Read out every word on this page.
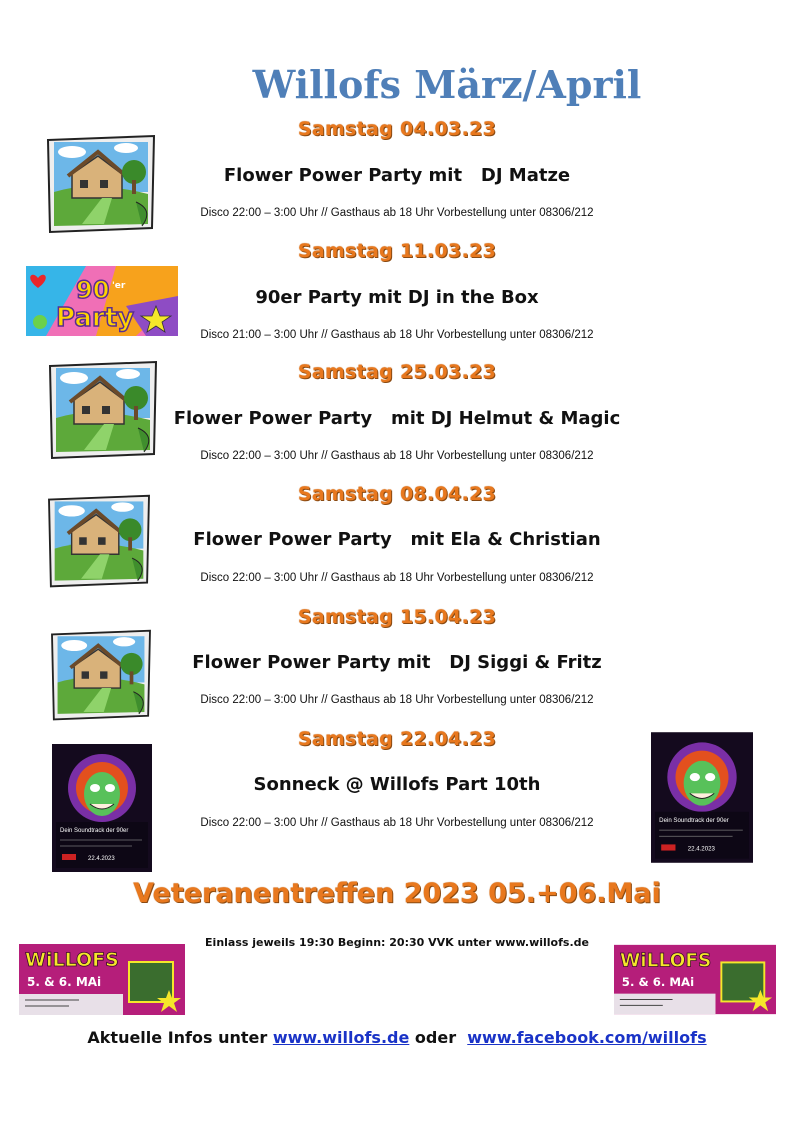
Willofs März/April
Samstag 04.03.23
Flower Power Party mit   DJ Matze
Disco 22:00 – 3:00 Uhr // Gasthaus ab 18 Uhr Vorbestellung unter 08306/212
Samstag 11.03.23
90 'er
Party
90er Party mit DJ in the Box
Disco 21:00 – 3:00 Uhr // Gasthaus ab 18 Uhr Vorbestellung unter 08306/212
Samstag 25.03.23
Flower Power Party   mit DJ Helmut & Magic
Disco 22:00 – 3:00 Uhr // Gasthaus ab 18 Uhr Vorbestellung unter 08306/212
Samstag 08.04.23
Flower Power Party   mit Ela & Christian
Disco 22:00 – 3:00 Uhr // Gasthaus ab 18 Uhr Vorbestellung unter 08306/212
Samstag 15.04.23
Flower Power Party mit   DJ Siggi & Fritz
Disco 22:00 – 3:00 Uhr // Gasthaus ab 18 Uhr Vorbestellung unter 08306/212
Samstag 22.04.23
Dein Soundtrack der 90er
22.4.2023
Dein Soundtrack der 90er
22.4.2023
Sonneck @ Willofs Part 10th
Disco 22:00 – 3:00 Uhr // Gasthaus ab 18 Uhr Vorbestellung unter 08306/212
Veteranentreffen 2023 05.+06.Mai
Einlass jeweils 19:30 Beginn: 20:30 VVK unter www.willofs.de
WiLLOFS
5. & 6. MAi
WiLLOFS
5. & 6. MAi
Aktuelle Infos unter www.willofs.de oder www.facebook.com/willofs
